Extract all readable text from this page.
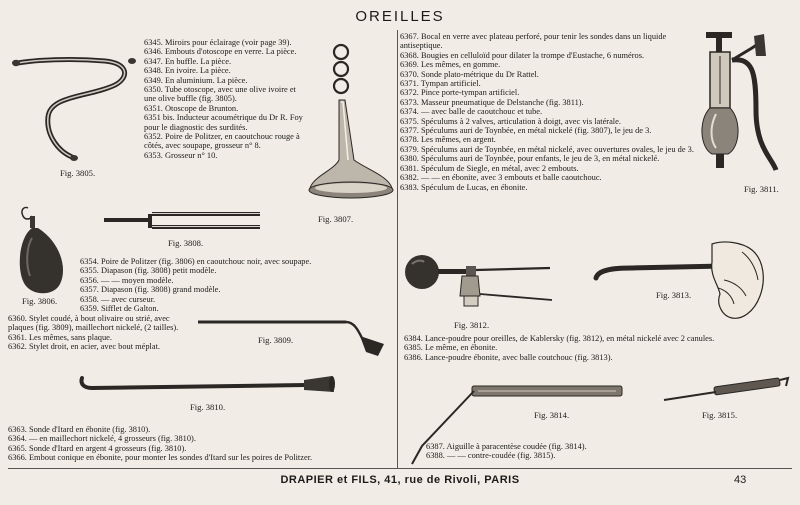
OREILLES
Fig. 3805.
Fig. 3807.
Fig. 3808.
Fig. 3806.
Fig. 3809.
Fig. 3810.
Fig. 3811.
Fig. 3812.
Fig. 3813.
Fig. 3814.	Fig. 3815.
6345. Miroirs pour éclairage (voir page 39).
6346. Embouts d'otoscope en verre. La pièce.
6347. En buffle. La pièce.
6348. En ivoire. La pièce.
6349. En aluminium. La pièce.
6350. Tube otoscope, avec une olive ivoire et une olive buffle (fig. 3805).
6351. Otoscope de Brunton.
6351 bis. Inducteur acoumétrique du Dr R. Foy pour le diagnostic des surdités.
6352. Poire de Politzer, en caoutchouc rouge à côtés, avec soupape, grosseur n° 8.
6353. Grosseur n° 10.
6354. Poire de Politzer (fig. 3806) en caoutchouc noir, avec soupape.
6355. Diapason (fig. 3808) petit modèle.
6356. — — moyen modèle.
6357. Diapason (fig. 3808) grand modèle.
6358. — avec curseur.
6359. Sifflet de Galton.
6360. Stylet coudé, à bout olivaire ou strié, avec plaques (fig. 3809), maillechort nickelé, (2 tailles).
6361. Les mêmes, sans plaque.
6362. Stylet droit, en acier, avec bout méplat.
6363. Sonde d'Itard en ébonite (fig. 3810).
6364. — en maillechort nickelé, 4 grosseurs (fig. 3810).
6365. Sonde d'Itard en argent 4 grosseurs (fig. 3810).
6366. Embout conique en ébonite, pour monter les sondes d'Itard sur les poires de Politzer.
6367. Bocal en verre avec plateau perforé, pour tenir les sondes dans un liquide antiseptique.
6368. Bougies en celluloïd pour dilater la trompe d'Eustache, 6 numéros.
6369. Les mêmes, en gomme.
6370. Sonde plato-métrique du Dr Rattel.
6371. Tympan artificiel.
6372. Pince porte-tympan artificiel.
6373. Masseur pneumatique de Delstanche (fig. 3811).
6374. — avec balle de caoutchouc et tube.
6375. Spéculums à 2 valves, articulation à doigt, avec vis latérale.
6377. Spéculums auri de Toynbée, en métal nickelé (fig. 3807), le jeu de 3.
6378. Les mêmes, en argent.
6379. Spéculums auri de Toynbée, en métal nickelé, avec ouvertures ovales, le jeu de 3.
6380. Spéculums auri de Toynbée, pour enfants, le jeu de 3, en métal nickelé.
6381. Spéculum de Siegle, en métal, avec 2 embouts.
6382. — — en ébonite, avec 3 embouts et balle caoutchouc.
6383. Spéculum de Lucas, en ébonite.
6384. Lance-poudre pour oreilles, de Kablersky (fig. 3812), en métal nickelé avec 2 canules.
6385. Le même, en ébonite.
6386. Lance-poudre ébonite, avec balle coutchouc (fig. 3813).
6387. Aiguille à paracentèse coudée (fig. 3814).
6388. — — contre-coudée (fig. 3815).
DRAPIER et FILS, 41, rue de Rivoli, PARIS	43
